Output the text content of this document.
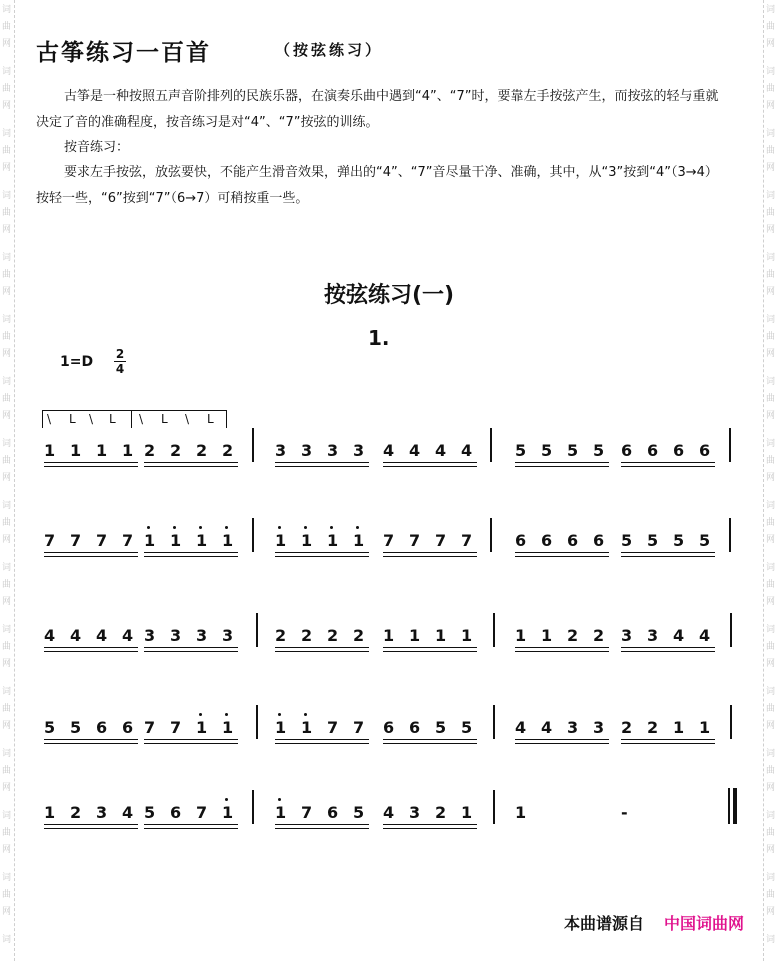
词
曲
网
词
曲
网
词
曲
网
词
曲
网
词
曲
网
词
曲
网
词
曲
网
词
曲
网
词
曲
网
词
曲
网
词
曲
网
词
曲
网
词
曲
网
词
曲
网
词
曲
网
词
词
曲
网
词
曲
网
词
曲
网
词
曲
网
词
曲
网
词
曲
网
词
曲
网
词
曲
网
词
曲
网
词
曲
网
词
曲
网
词
曲
网
词
曲
网
词
曲
网
词
曲
网
词
古筝练习一百首	（按弦练习）
古筝是一种按照五声音阶排列的民族乐器，在演奏乐曲中遇到“4”、“7”时，要靠左手按弦产生，而按弦的轻与重就决定了音的准确程度，按音练习是对“4”、“7”按弦的训练。
按音练习：
要求左手按弦，放弦要快，不能产生滑音效果，弹出的“4”、“7”音尽量干净、准确，其中，从“3”按到“4”（3→4）按轻一些，“6”按到“7”（6→7）可稍按重一些。
按弦练习(一)
1.
1=D 2
4
\ L \ L \ L \ L
1 1 1 1 2 2 2 2	3 3 3 3 4 4 4 4	5 5 5 5 6 6 6 6
7 7 7 7 1 1 1 1	1 1 1 1 7 7 7 7	6 6 6 6 5 5 5 5
4 4 4 4 3 3 3 3	2 2 2 2 1 1 1 1	1 1 2 2 3 3 4 4
5 5 6 6 7 7 1 1	1 1 7 7 6 6 5 5	4 4 3 3 2 2 1 1
1 2 3 4 5 6 7 1	1 7 6 5 4 3 2 1	1	-
本曲谱源自 中国词曲网
